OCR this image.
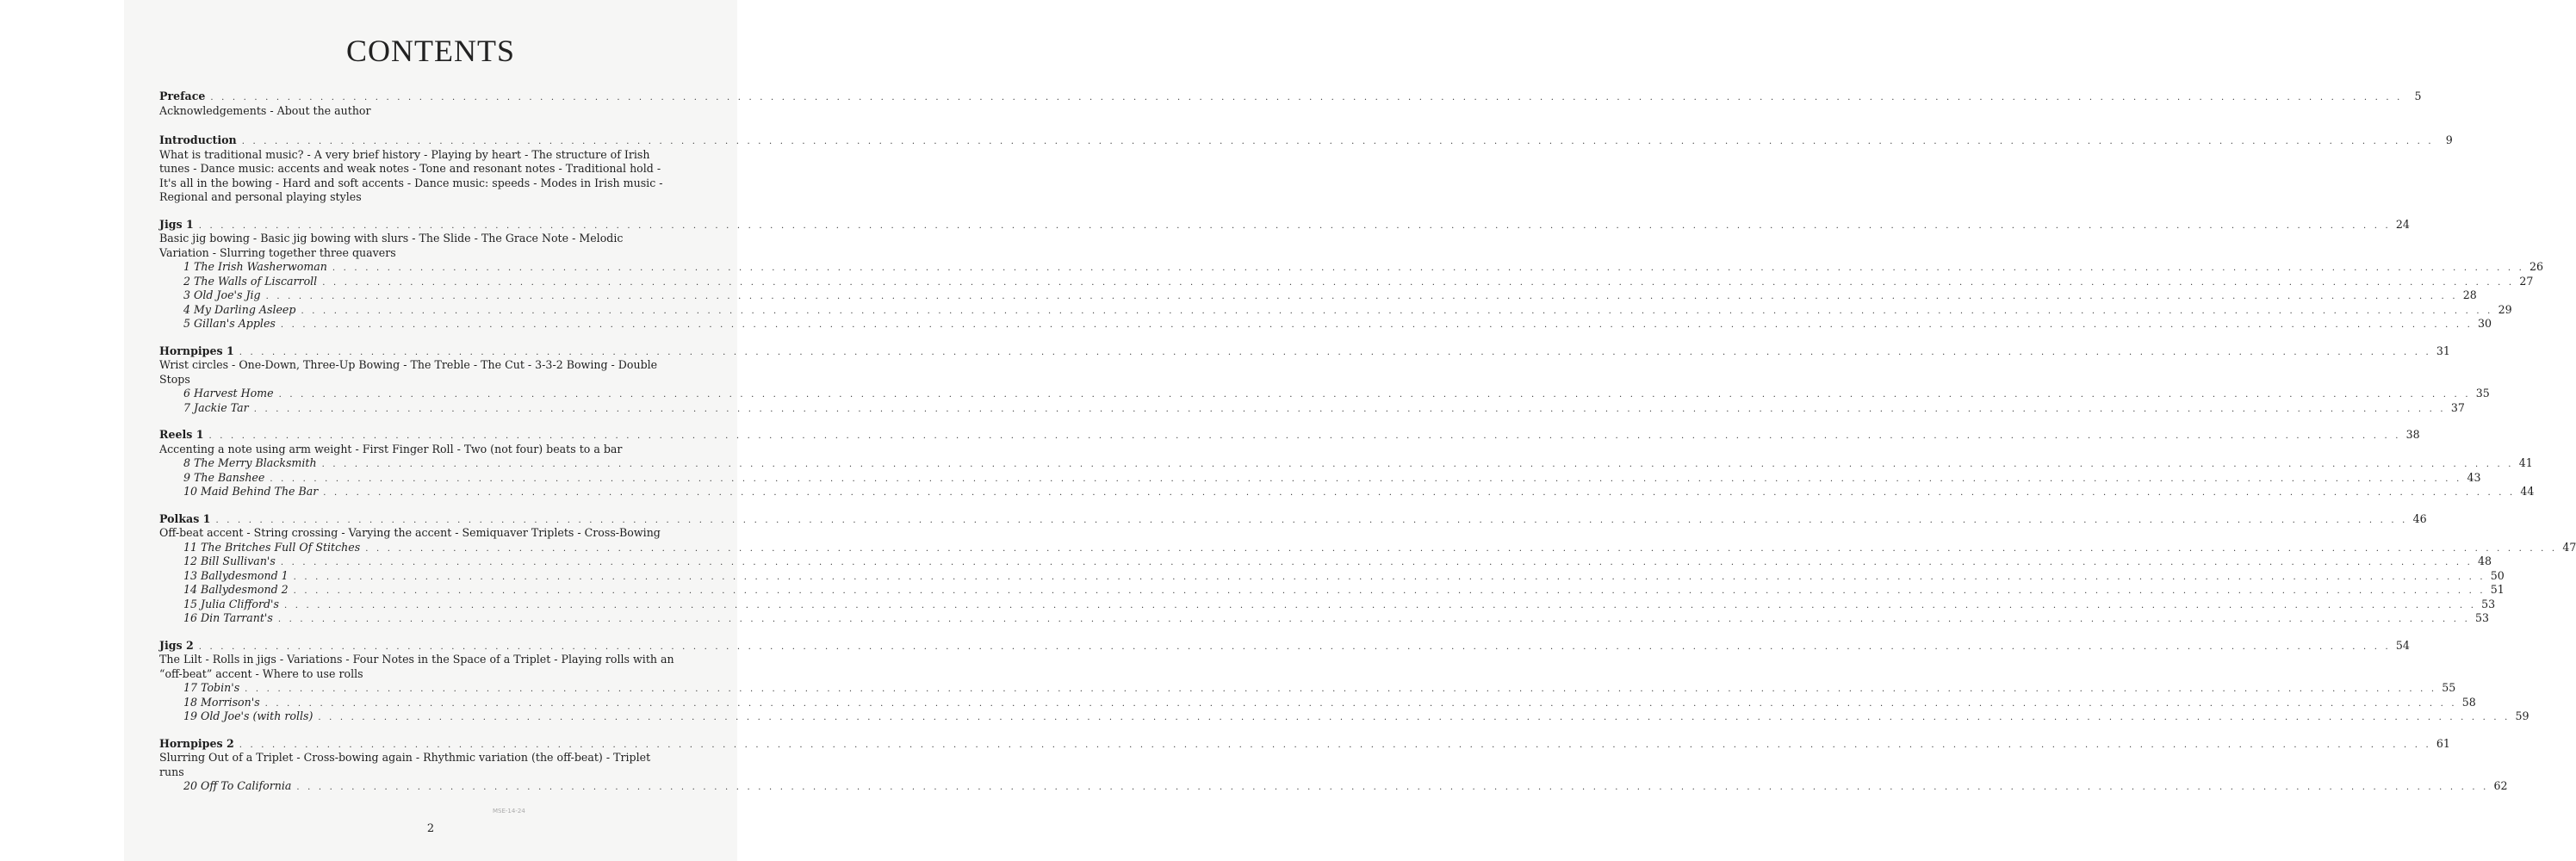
CONTENTS
Preface . . . . . . . . . . . . . . . . . . . . . . . . . . . . . . . . . . . . . . . . . . . . . . . . . . . . . . . . . . . . . . . . . . . . . . . . . . . . . . . . . . . . . . . . . . . . . . . . . . . . . . . . . . . . . . . . . . . . . . . . . . . . . . . . . . . . . . . . . . . . . . . . . . . . . . . . . . . . . . . . . . . . . . . . . . . . . . . . . . . . . . . . . . . . . . . . . . . . . . . .	5

Acknowledgements - About the author

Introduction . . . . . . . . . . . . . . . . . . . . . . . . . . . . . . . . . . . . . . . . . . . . . . . . . . . . . . . . . . . . . . . . . . . . . . . . . . . . . . . . . . . . . . . . . . . . . . . . . . . . . . . . . . . . . . . . . . . . . . . . . . . . . . . . . . . . . . . . . . . . . . . . . . . . . . . . . . . . . . . . . . . . . . . . . . . . . . . . . . . . . . . . . . . . . . . . . . . . . . . .	9

What is traditional music? - A very brief history - Playing by heart - The structure of Irish tunes - Dance music: accents and weak notes - Tone and resonant notes - Traditional hold - It's all in the bowing - Hard and soft accents - Dance music: speeds - Modes in Irish music - Regional and personal playing styles

Jigs 1 . . . . . . . . . . . . . . . . . . . . . . . . . . . . . . . . . . . . . . . . . . . . . . . . . . . . . . . . . . . . . . . . . . . . . . . . . . . . . . . . . . . . . . . . . . . . . . . . . . . . . . . . . . . . . . . . . . . . . . . . . . . . . . . . . . . . . . . . . . . . . . . . . . . . . . . . . . . . . . . . . . . . . . . . . . . . . . . . . . . . . . . . . . . . . . . . . . . . . . . . 24

Basic jig bowing - Basic jig bowing with slurs - The Slide - The Grace Note - Melodic Variation - Slurring together three quavers

1 The Irish Washerwoman . . . . . . . . . . . . . . . . . . . . . . . . . . . . . . . . . . . . . . . . . . . . . . . . . . . . . . . . . . . . . . . . . . . . . . . . . . . . . . . . . . . . . . . . . . . . . . . . . . . . . . . . . . . . . . . . . . . . . . . . . . . . . . . . . . . . . . . . . . . . . . . . . . . . . . . . . . . . . . . . . . . . . . . . . . . . . . . . . . . . . . . . . . . . . . . . . . . . . . . . 26
2 The Walls of Liscarroll . . . . . . . . . . . . . . . . . . . . . . . . . . . . . . . . . . . . . . . . . . . . . . . . . . . . . . . . . . . . . . . . . . . . . . . . . . . . . . . . . . . . . . . . . . . . . . . . . . . . . . . . . . . . . . . . . . . . . . . . . . . . . . . . . . . . . . . . . . . . . . . . . . . . . . . . . . . . . . . . . . . . . . . . . . . . . . . . . . . . . . . . . . . . . . . . . . . . . . . . 27
3 Old Joe's Jig . . . . . . . . . . . . . . . . . . . . . . . . . . . . . . . . . . . . . . . . . . . . . . . . . . . . . . . . . . . . . . . . . . . . . . . . . . . . . . . . . . . . . . . . . . . . . . . . . . . . . . . . . . . . . . . . . . . . . . . . . . . . . . . . . . . . . . . . . . . . . . . . . . . . . . . . . . . . . . . . . . . . . . . . . . . . . . . . . . . . . . . . . . . . . . . . . . . . . . . . 28
4 My Darling Asleep . . . . . . . . . . . . . . . . . . . . . . . . . . . . . . . . . . . . . . . . . . . . . . . . . . . . . . . . . . . . . . . . . . . . . . . . . . . . . . . . . . . . . . . . . . . . . . . . . . . . . . . . . . . . . . . . . . . . . . . . . . . . . . . . . . . . . . . . . . . . . . . . . . . . . . . . . . . . . . . . . . . . . . . . . . . . . . . . . . . . . . . . . . . . . . . . . . . . . . . . 29
5 Gillan's Apples . . . . . . . . . . . . . . . . . . . . . . . . . . . . . . . . . . . . . . . . . . . . . . . . . . . . . . . . . . . . . . . . . . . . . . . . . . . . . . . . . . . . . . . . . . . . . . . . . . . . . . . . . . . . . . . . . . . . . . . . . . . . . . . . . . . . . . . . . . . . . . . . . . . . . . . . . . . . . . . . . . . . . . . . . . . . . . . . . . . . . . . . . . . . . . . . . . . . . . . . 30
Hornpipes 1 . . . . . . . . . . . . . . . . . . . . . . . . . . . . . . . . . . . . . . . . . . . . . . . . . . . . . . . . . . . . . . . . . . . . . . . . . . . . . . . . . . . . . . . . . . . . . . . . . . . . . . . . . . . . . . . . . . . . . . . . . . . . . . . . . . . . . . . . . . . . . . . . . . . . . . . . . . . . . . . . . . . . . . . . . . . . . . . . . . . . . . . . . . . . . . . . . . . . . . . . 31

Wrist circles - One-Down, Three-Up Bowing - The Treble - The Cut - 3-3-2 Bowing - Double Stops

6 Harvest Home . . . . . . . . . . . . . . . . . . . . . . . . . . . . . . . . . . . . . . . . . . . . . . . . . . . . . . . . . . . . . . . . . . . . . . . . . . . . . . . . . . . . . . . . . . . . . . . . . . . . . . . . . . . . . . . . . . . . . . . . . . . . . . . . . . . . . . . . . . . . . . . . . . . . . . . . . . . . . . . . . . . . . . . . . . . . . . . . . . . . . . . . . . . . . . . . . . . . . . . . 35
7 Jackie Tar . . . . . . . . . . . . . . . . . . . . . . . . . . . . . . . . . . . . . . . . . . . . . . . . . . . . . . . . . . . . . . . . . . . . . . . . . . . . . . . . . . . . . . . . . . . . . . . . . . . . . . . . . . . . . . . . . . . . . . . . . . . . . . . . . . . . . . . . . . . . . . . . . . . . . . . . . . . . . . . . . . . . . . . . . . . . . . . . . . . . . . . . . . . . . . . . . . . . . . . . 37
Reels 1 . . . . . . . . . . . . . . . . . . . . . . . . . . . . . . . . . . . . . . . . . . . . . . . . . . . . . . . . . . . . . . . . . . . . . . . . . . . . . . . . . . . . . . . . . . . . . . . . . . . . . . . . . . . . . . . . . . . . . . . . . . . . . . . . . . . . . . . . . . . . . . . . . . . . . . . . . . . . . . . . . . . . . . . . . . . . . . . . . . . . . . . . . . . . . . . . . . . . . . . . 38

Accenting a note using arm weight - First Finger Roll - Two (not four) beats to a bar

8 The Merry Blacksmith . . . . . . . . . . . . . . . . . . . . . . . . . . . . . . . . . . . . . . . . . . . . . . . . . . . . . . . . . . . . . . . . . . . . . . . . . . . . . . . . . . . . . . . . . . . . . . . . . . . . . . . . . . . . . . . . . . . . . . . . . . . . . . . . . . . . . . . . . . . . . . . . . . . . . . . . . . . . . . . . . . . . . . . . . . . . . . . . . . . . . . . . . . . . . . . . . . . . . . . . 41
9 The Banshee . . . . . . . . . . . . . . . . . . . . . . . . . . . . . . . . . . . . . . . . . . . . . . . . . . . . . . . . . . . . . . . . . . . . . . . . . . . . . . . . . . . . . . . . . . . . . . . . . . . . . . . . . . . . . . . . . . . . . . . . . . . . . . . . . . . . . . . . . . . . . . . . . . . . . . . . . . . . . . . . . . . . . . . . . . . . . . . . . . . . . . . . . . . . . . . . . . . . . . . . 43
10 Maid Behind The Bar . . . . . . . . . . . . . . . . . . . . . . . . . . . . . . . . . . . . . . . . . . . . . . . . . . . . . . . . . . . . . . . . . . . . . . . . . . . . . . . . . . . . . . . . . . . . . . . . . . . . . . . . . . . . . . . . . . . . . . . . . . . . . . . . . . . . . . . . . . . . . . . . . . . . . . . . . . . . . . . . . . . . . . . . . . . . . . . . . . . . . . . . . . . . . . . . . . . . . . . . 44
Polkas 1 . . . . . . . . . . . . . . . . . . . . . . . . . . . . . . . . . . . . . . . . . . . . . . . . . . . . . . . . . . . . . . . . . . . . . . . . . . . . . . . . . . . . . . . . . . . . . . . . . . . . . . . . . . . . . . . . . . . . . . . . . . . . . . . . . . . . . . . . . . . . . . . . . . . . . . . . . . . . . . . . . . . . . . . . . . . . . . . . . . . . . . . . . . . . . . . . . . . . . . . . 46

Off-beat accent - String crossing - Varying the accent - Semiquaver Triplets - Cross-Bowing

11 The Britches Full Of Stitches . . . . . . . . . . . . . . . . . . . . . . . . . . . . . . . . . . . . . . . . . . . . . . . . . . . . . . . . . . . . . . . . . . . . . . . . . . . . . . . . . . . . . . . . . . . . . . . . . . . . . . . . . . . . . . . . . . . . . . . . . . . . . . . . . . . . . . . . . . . . . . . . . . . . . . . . . . . . . . . . . . . . . . . . . . . . . . . . . . . . . . . . . . . . . . . . . . . . . . . . 47
12 Bill Sullivan's . . . . . . . . . . . . . . . . . . . . . . . . . . . . . . . . . . . . . . . . . . . . . . . . . . . . . . . . . . . . . . . . . . . . . . . . . . . . . . . . . . . . . . . . . . . . . . . . . . . . . . . . . . . . . . . . . . . . . . . . . . . . . . . . . . . . . . . . . . . . . . . . . . . . . . . . . . . . . . . . . . . . . . . . . . . . . . . . . . . . . . . . . . . . . . . . . . . . . . . . 48
13 Ballydesmond 1 . . . . . . . . . . . . . . . . . . . . . . . . . . . . . . . . . . . . . . . . . . . . . . . . . . . . . . . . . . . . . . . . . . . . . . . . . . . . . . . . . . . . . . . . . . . . . . . . . . . . . . . . . . . . . . . . . . . . . . . . . . . . . . . . . . . . . . . . . . . . . . . . . . . . . . . . . . . . . . . . . . . . . . . . . . . . . . . . . . . . . . . . . . . . . . . . . . . . . . . . 50
14 Ballydesmond 2 . . . . . . . . . . . . . . . . . . . . . . . . . . . . . . . . . . . . . . . . . . . . . . . . . . . . . . . . . . . . . . . . . . . . . . . . . . . . . . . . . . . . . . . . . . . . . . . . . . . . . . . . . . . . . . . . . . . . . . . . . . . . . . . . . . . . . . . . . . . . . . . . . . . . . . . . . . . . . . . . . . . . . . . . . . . . . . . . . . . . . . . . . . . . . . . . . . . . . . . . 51
15 Julia Clifford's . . . . . . . . . . . . . . . . . . . . . . . . . . . . . . . . . . . . . . . . . . . . . . . . . . . . . . . . . . . . . . . . . . . . . . . . . . . . . . . . . . . . . . . . . . . . . . . . . . . . . . . . . . . . . . . . . . . . . . . . . . . . . . . . . . . . . . . . . . . . . . . . . . . . . . . . . . . . . . . . . . . . . . . . . . . . . . . . . . . . . . . . . . . . . . . . . . . . . . . . 53
16 Din Tarrant's . . . . . . . . . . . . . . . . . . . . . . . . . . . . . . . . . . . . . . . . . . . . . . . . . . . . . . . . . . . . . . . . . . . . . . . . . . . . . . . . . . . . . . . . . . . . . . . . . . . . . . . . . . . . . . . . . . . . . . . . . . . . . . . . . . . . . . . . . . . . . . . . . . . . . . . . . . . . . . . . . . . . . . . . . . . . . . . . . . . . . . . . . . . . . . . . . . . . . . . . 53
Jigs 2 . . . . . . . . . . . . . . . . . . . . . . . . . . . . . . . . . . . . . . . . . . . . . . . . . . . . . . . . . . . . . . . . . . . . . . . . . . . . . . . . . . . . . . . . . . . . . . . . . . . . . . . . . . . . . . . . . . . . . . . . . . . . . . . . . . . . . . . . . . . . . . . . . . . . . . . . . . . . . . . . . . . . . . . . . . . . . . . . . . . . . . . . . . . . . . . . . . . . . . . . 54

The Lilt - Rolls in jigs - Variations - Four Notes in the Space of a Triplet - Playing rolls with an “off-beat” accent - Where to use rolls

17 Tobin's . . . . . . . . . . . . . . . . . . . . . . . . . . . . . . . . . . . . . . . . . . . . . . . . . . . . . . . . . . . . . . . . . . . . . . . . . . . . . . . . . . . . . . . . . . . . . . . . . . . . . . . . . . . . . . . . . . . . . . . . . . . . . . . . . . . . . . . . . . . . . . . . . . . . . . . . . . . . . . . . . . . . . . . . . . . . . . . . . . . . . . . . . . . . . . . . . . . . . . . . 55
18 Morrison's . . . . . . . . . . . . . . . . . . . . . . . . . . . . . . . . . . . . . . . . . . . . . . . . . . . . . . . . . . . . . . . . . . . . . . . . . . . . . . . . . . . . . . . . . . . . . . . . . . . . . . . . . . . . . . . . . . . . . . . . . . . . . . . . . . . . . . . . . . . . . . . . . . . . . . . . . . . . . . . . . . . . . . . . . . . . . . . . . . . . . . . . . . . . . . . . . . . . . . . . 58
19 Old Joe's (with rolls) . . . . . . . . . . . . . . . . . . . . . . . . . . . . . . . . . . . . . . . . . . . . . . . . . . . . . . . . . . . . . . . . . . . . . . . . . . . . . . . . . . . . . . . . . . . . . . . . . . . . . . . . . . . . . . . . . . . . . . . . . . . . . . . . . . . . . . . . . . . . . . . . . . . . . . . . . . . . . . . . . . . . . . . . . . . . . . . . . . . . . . . . . . . . . . . . . . . . . . . . 59
Hornpipes 2 . . . . . . . . . . . . . . . . . . . . . . . . . . . . . . . . . . . . . . . . . . . . . . . . . . . . . . . . . . . . . . . . . . . . . . . . . . . . . . . . . . . . . . . . . . . . . . . . . . . . . . . . . . . . . . . . . . . . . . . . . . . . . . . . . . . . . . . . . . . . . . . . . . . . . . . . . . . . . . . . . . . . . . . . . . . . . . . . . . . . . . . . . . . . . . . . . . . . . . . . 61

Slurring Out of a Triplet - Cross-bowing again - Rhythmic variation (the off-beat) - Triplet runs

20 Off To California . . . . . . . . . . . . . . . . . . . . . . . . . . . . . . . . . . . . . . . . . . . . . . . . . . . . . . . . . . . . . . . . . . . . . . . . . . . . . . . . . . . . . . . . . . . . . . . . . . . . . . . . . . . . . . . . . . . . . . . . . . . . . . . . . . . . . . . . . . . . . . . . . . . . . . . . . . . . . . . . . . . . . . . . . . . . . . . . . . . . . . . . . . . . . . . . . . . . . . . . 62
MSE-14-24
2
